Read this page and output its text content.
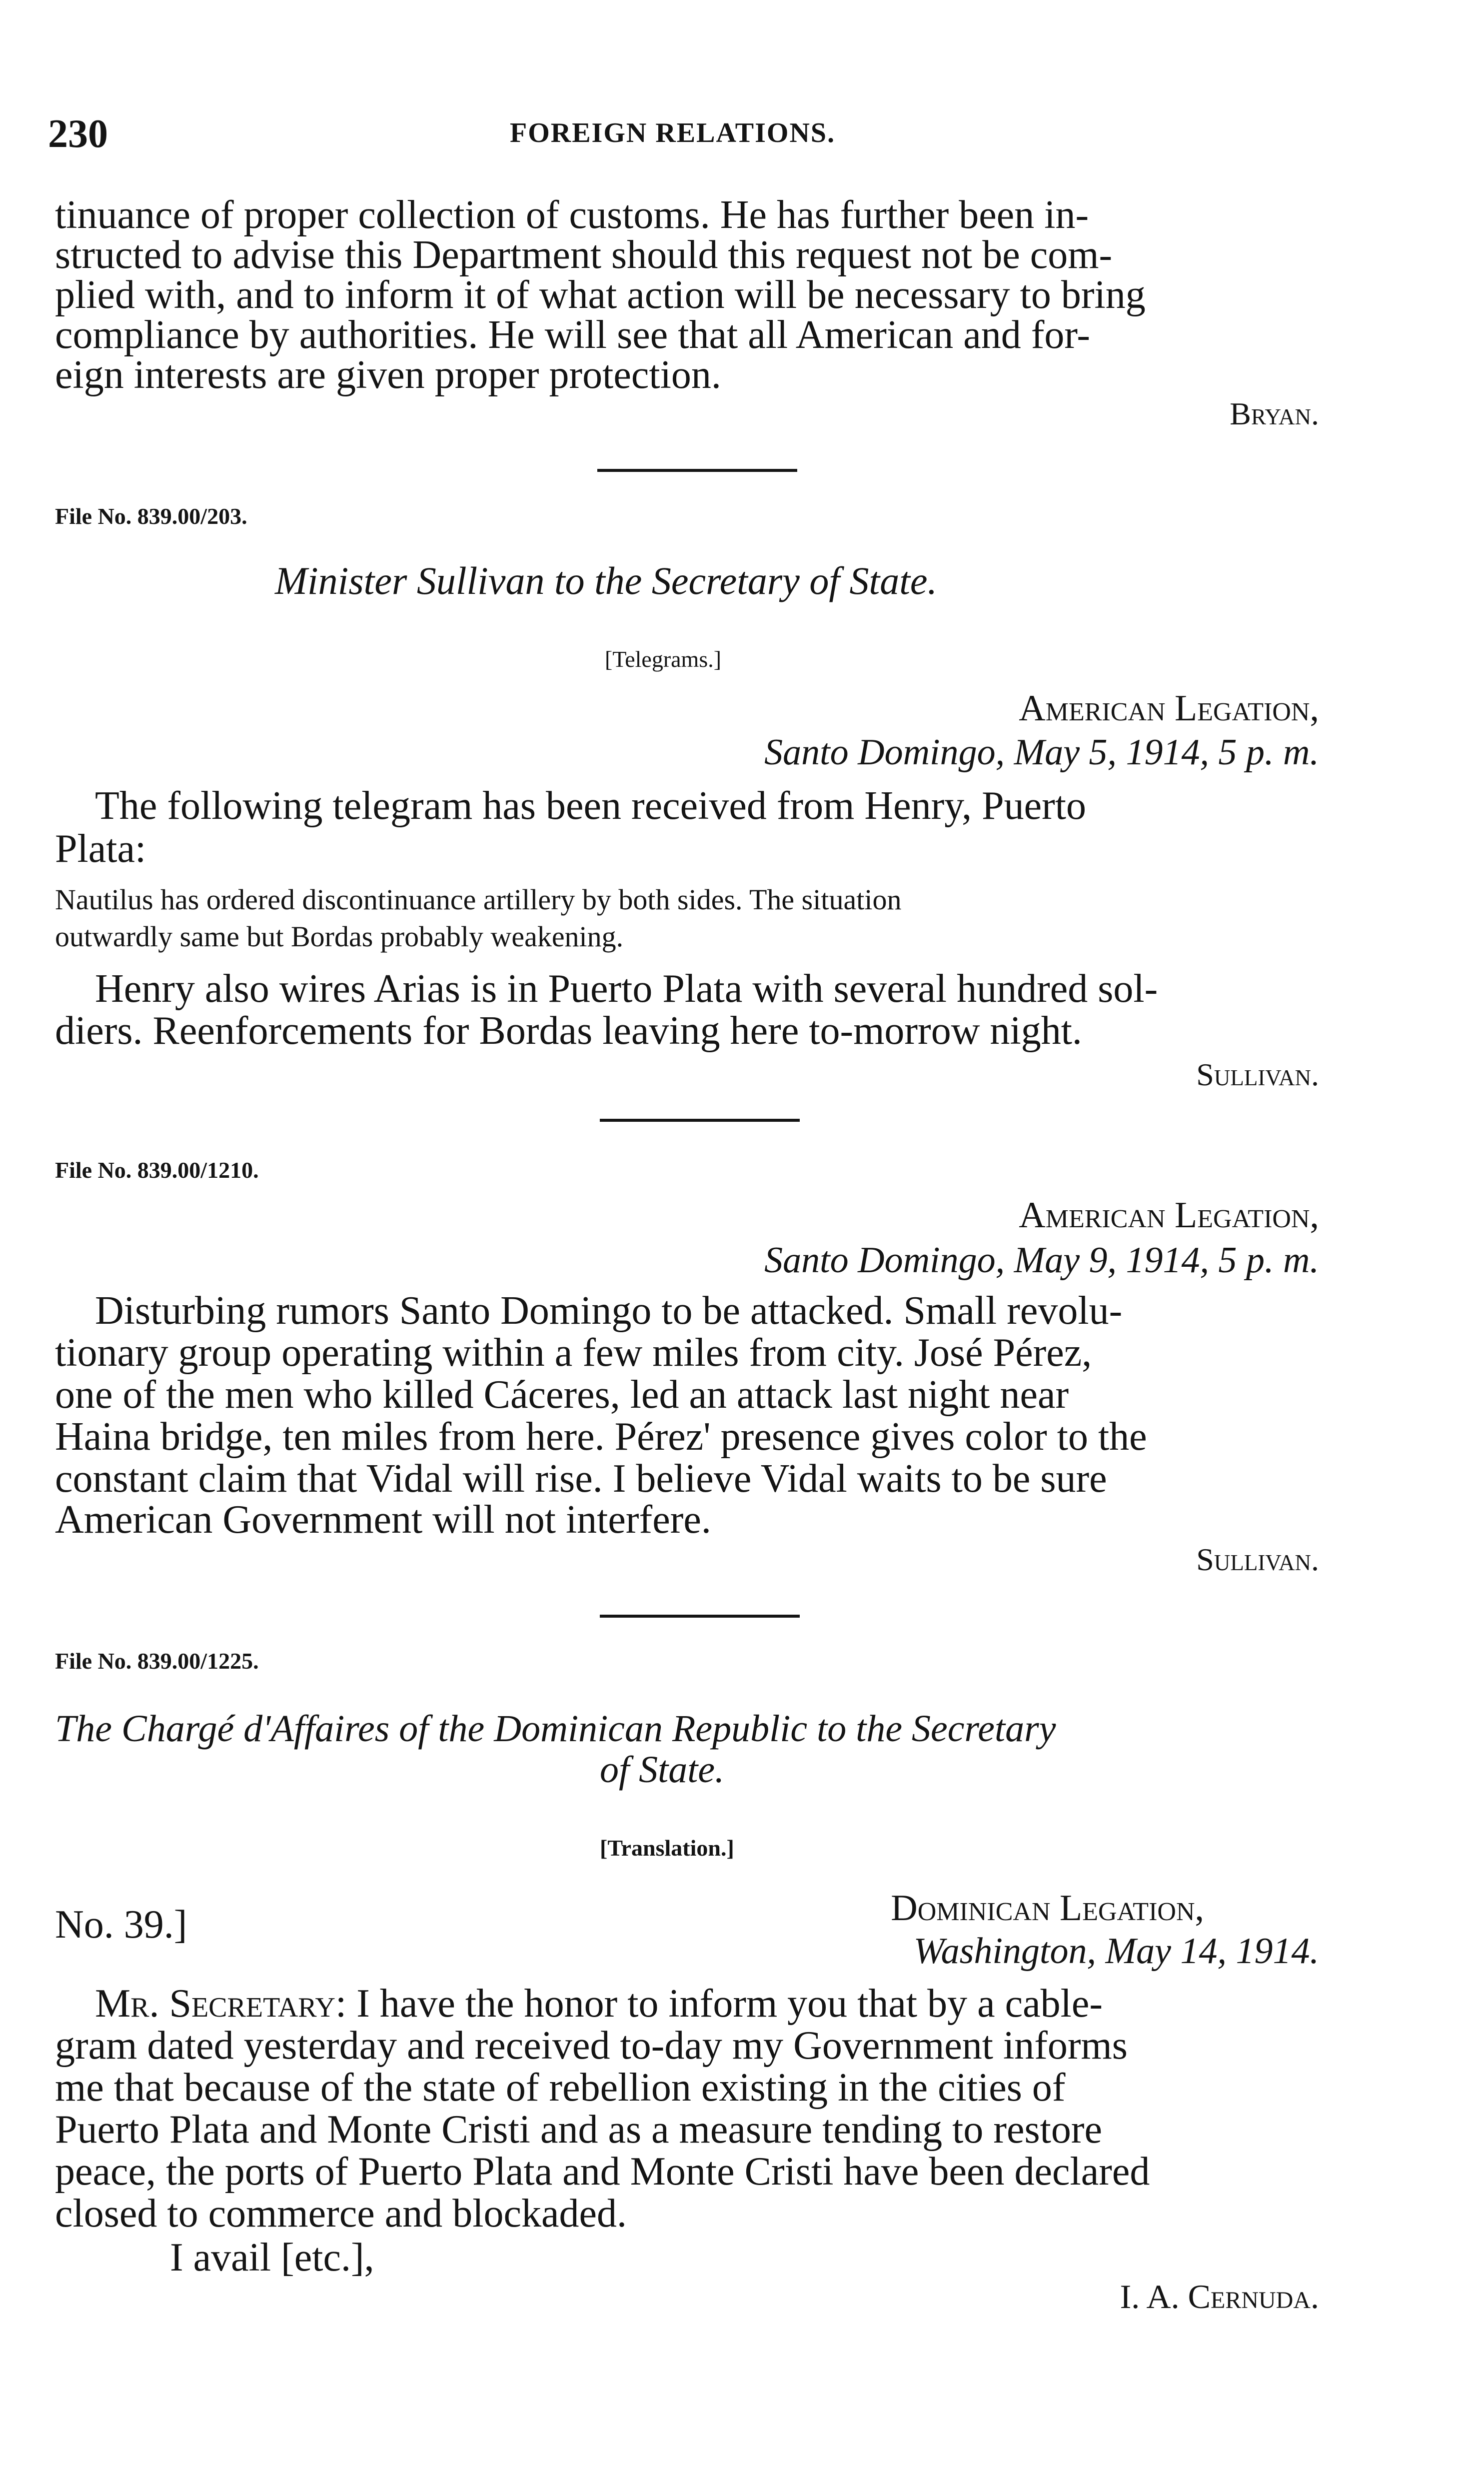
230	FOREIGN RELATIONS.
tinuance of proper collection of customs. He has further been in-
structed to advise this Department should this request not be com-
plied with, and to inform it of what action will be necessary to bring
compliance by authorities. He will see that all American and for-
eign interests are given proper protection.
Bryan.
File No. 839.00/203.
Minister Sullivan to the Secretary of State.
[Telegrams.]
American Legation,
Santo Domingo, May 5, 1914, 5 p. m.
The following telegram has been received from Henry, Puerto
Plata:
Nautilus has ordered discontinuance artillery by both sides. The situation
outwardly same but Bordas probably weakening.
Henry also wires Arias is in Puerto Plata with several hundred sol-
diers. Reenforcements for Bordas leaving here to-morrow night.
Sullivan.
File No. 839.00/1210.
American Legation,
Santo Domingo, May 9, 1914, 5 p. m.
Disturbing rumors Santo Domingo to be attacked. Small revolu-
tionary group operating within a few miles from city. José Pérez,
one of the men who killed Cáceres, led an attack last night near
Haina bridge, ten miles from here. Pérez' presence gives color to the
constant claim that Vidal will rise. I believe Vidal waits to be sure
American Government will not interfere.
Sullivan.
File No. 839.00/1225.
The Chargé d'Affaires of the Dominican Republic to the Secretary
of State.
[Translation.]
No. 39.]	Dominican Legation,
Washington, May 14, 1914.
Mr. Secretary: I have the honor to inform you that by a cable-
gram dated yesterday and received to-day my Government informs
me that because of the state of rebellion existing in the cities of
Puerto Plata and Monte Cristi and as a measure tending to restore
peace, the ports of Puerto Plata and Monte Cristi have been declared
closed to commerce and blockaded.
I avail [etc.],
I. A. Cernuda.
